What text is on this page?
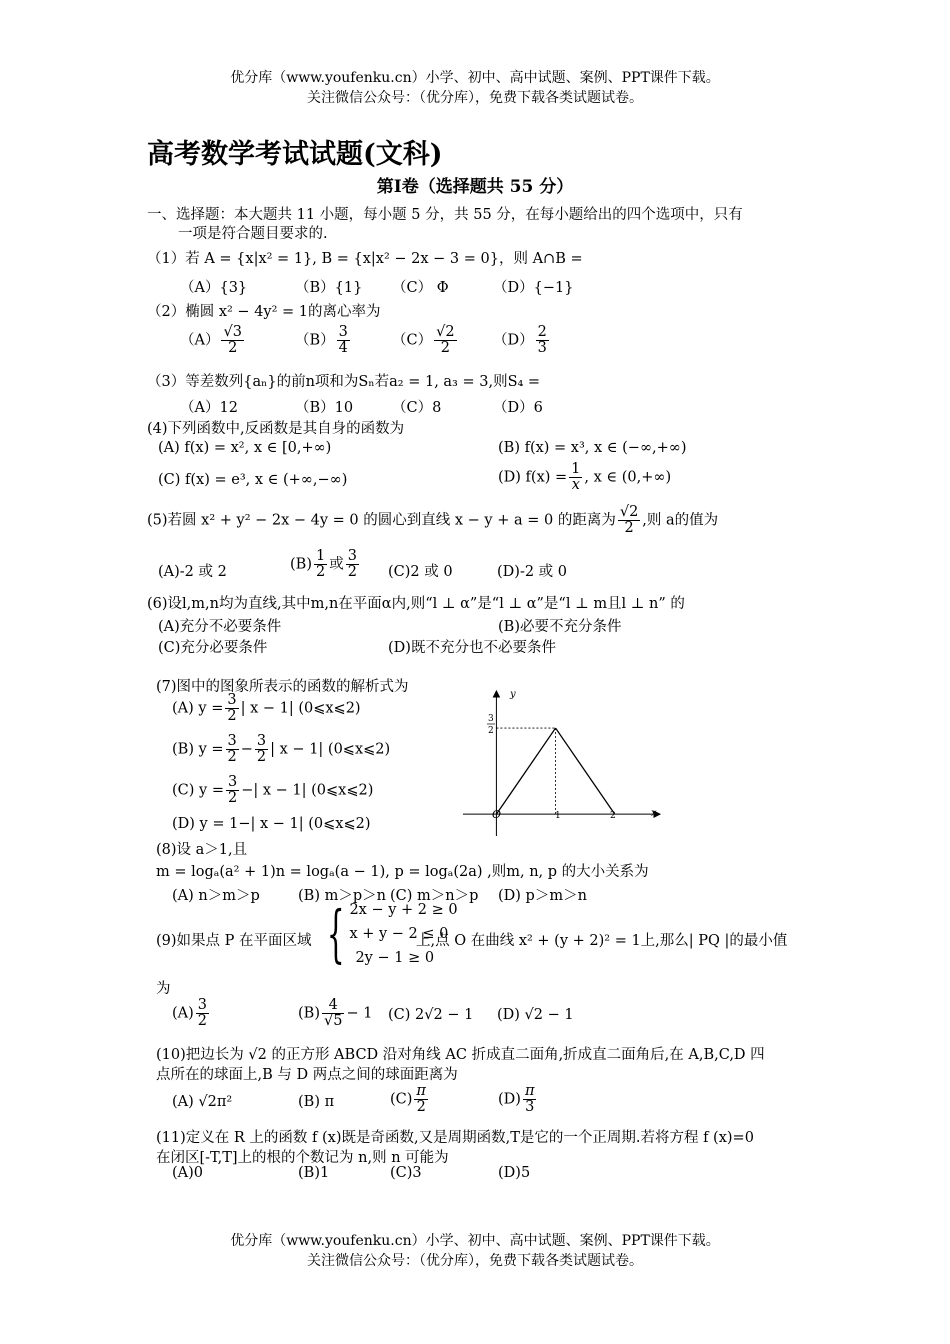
优分库（www.youfenku.cn）小学、初中、高中试题、案例、PPT课件下载。
关注微信公众号：（优分库），免费下载各类试题试卷。
高考数学考试试题(文科)
第Ⅰ卷（选择题共 55 分）
一、选择题：本大题共 11 小题，每小题 5 分，共 55 分，在每小题给出的四个选项中，只有
一项是符合题目要求的.
（1）若 A = {x|x² = 1}, B = {x|x² − 2x − 3 = 0}，则 A∩B =
（A）{3}	（B）{1} （C） Φ	（D）{−1}
（2）椭圆 x² − 4y² = 1的离心率为
$(A) \frac{√3}{2}$	$(B) \frac{3}{4}$	$(C) \frac{√2}{2}$	$(D) \frac{2}{3}$
（3）等差数列{aₙ}的前n项和为Sₙ若a₂ = 1, a₃ = 3,则S₄ =
（A）12	（B）10	（C）8	（D）6
(4)下列函数中,反函数是其自身的函数为
(A) f(x) = x², x ∈ [0,+∞)	(B) f(x) = x³, x ∈ (−∞,+∞)
(C) f(x) = e³, x ∈ (+∞,−∞)	(D) $f(x) = \frac{1}{x}$ , x ∈ (0,+∞)
(5)若圆 x² + y² − 2x − 4y = 0 的圆心到直线 x − y + a = 0 的距离为 $\frac{√2}{2}$ ,则 a的值为
(A)-2 或 2	$(B) \frac{1}{2}$ 或 $\frac{3}{2} (C)2$ 或 0	(D)-2 或 0
(6)设l,m,n均为直线,其中m,n在平面α内,则“l ⊥ α”是“l ⊥ α”是“l ⊥ m且l ⊥ n” 的
(A)充分不必要条件	(B)必要不充分条件
(C)充分必要条件	(D)既不充分也不必要条件
(7)图中的图象所表示的函数的解析式为
(A) $y = \frac{3}{2}$ | x − 1| (0⩽x⩽2)
(B) $y = \frac{3}{2} - \frac{3}{2}$ | x − 1| (0⩽x⩽2)
(C) $y = \frac{3}{2}$ −| x − 1| (0⩽x⩽2)
(D) y = 1−| x − 1| (0⩽x⩽2)
y
x
O
3
2
1	2
(8)设 a＞1,且
m = logₐ(a² + 1)n = logₐ(a − 1), p = logₐ(2a) ,则m, n, p 的大小关系为
(A) n＞m＞p	(B) m＞p＞n (C) m＞n＞p (D) p＞m＞n
(9)如果点 P 在平面区域 { 2x − y + 2 ≥ 0
x + y − 2 ≤ 0
2y − 1 ≥ 0
上,点 O 在曲线 x² + (y + 2)² = 1上,那么| PQ |的最小值
为
$(A) \frac{3}{2}$	$(B) \frac{4}{√5} - 1$ (C) 2√2 − 1 (D) √2 − 1
(10)把边长为 √2 的正方形 ABCD 沿对角线 AC 折成直二面角,折成直二面角后,在 A,B,C,D 四
点所在的球面上,B 与 D 两点之间的球面距离为
(A) √2π²	(B) π	$(C) \frac{\pi}{2}$	$(D) \frac{\pi}{3}$
(11)定义在 R 上的函数 f (x)既是奇函数,又是周期函数,T是它的一个正周期.若将方程 f (x)=0
在闭区[-T,T]上的根的个数记为 n,则 n 可能为
(A)0	(B)1	(C)3	(D)5
优分库（www.youfenku.cn）小学、初中、高中试题、案例、PPT课件下载。
关注微信公众号：（优分库），免费下载各类试题试卷。
